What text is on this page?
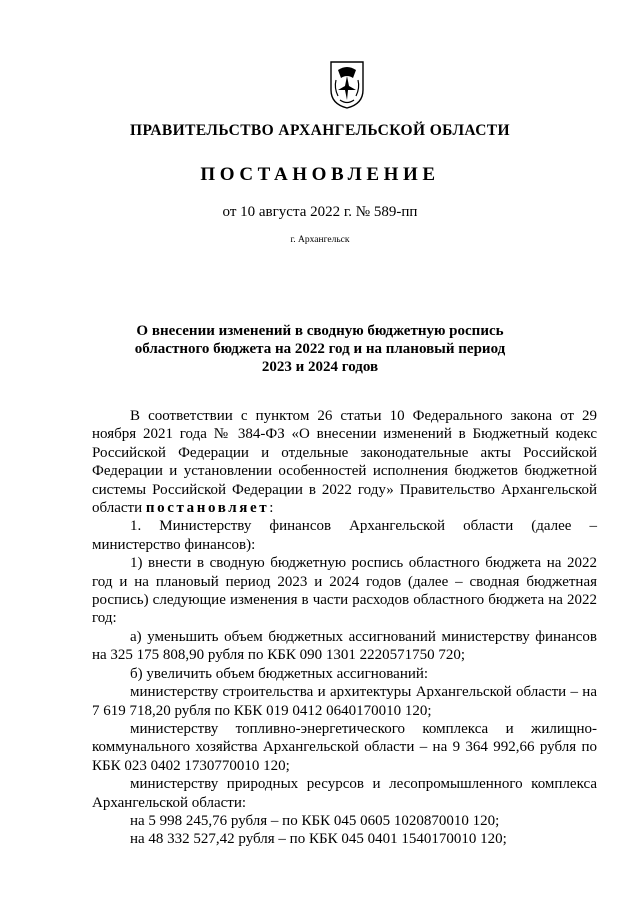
ПРАВИТЕЛЬСТВО АРХАНГЕЛЬСКОЙ ОБЛАСТИ
ПОСТАНОВЛЕНИЕ
от 10 августа 2022 г. № 589-пп
г. Архангельск
О внесении изменений в сводную бюджетную роспись
областного бюджета на 2022 год и на плановый период
2023 и 2024 годов

В соответствии с пунктом 26 статьи 10 Федерального закона от 29 ноября 2021 года № 384-ФЗ «О внесении изменений в Бюджетный кодекс Российской Федерации и отдельные законодательные акты Российской Федерации и установлении особенностей исполнения бюджетов бюджетной системы Российской Федерации в 2022 году» Правительство Архангельской области постановляет:

1. Министерству финансов Архангельской области (далее – министерство финансов):

1) внести в сводную бюджетную роспись областного бюджета на 2022 год и на плановый период 2023 и 2024 годов (далее – сводная бюджетная роспись) следующие изменения в части расходов областного бюджета на 2022 год:

а) уменьшить объем бюджетных ассигнований министерству финансов на 325 175 808,90 рубля по КБК 090 1301 2220571750 720;

б) увеличить объем бюджетных ассигнований:

министерству строительства и архитектуры Архангельской области – на 7 619 718,20 рубля по КБК 019 0412 0640170010 120;

министерству топливно-энергетического комплекса и жилищно-коммунального хозяйства Архангельской области – на 9 364 992,66 рубля по КБК 023 0402 1730770010 120;

министерству природных ресурсов и лесопромышленного комплекса Архангельской области:

на 5 998 245,76 рубля – по КБК 045 0605 1020870010 120;

на 48 332 527,42 рубля – по КБК 045 0401 1540170010 120;
